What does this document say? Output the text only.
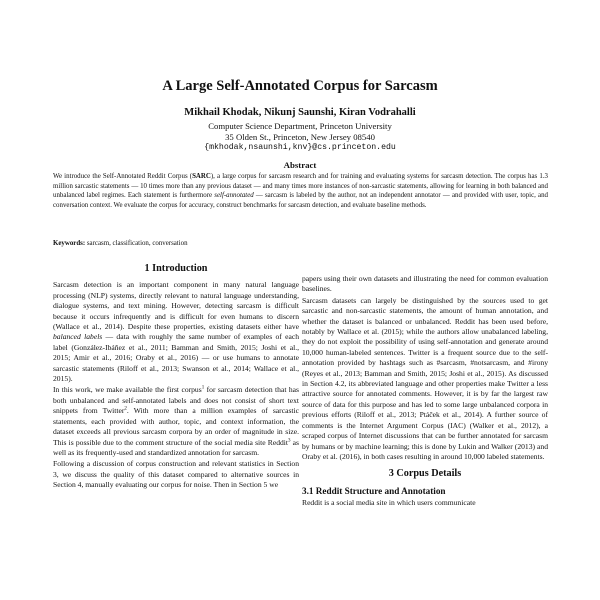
A Large Self-Annotated Corpus for Sarcasm
Mikhail Khodak, Nikunj Saunshi, Kiran Vodrahalli
Computer Science Department, Princeton University
35 Olden St., Princeton, New Jersey 08540
{mkhodak,nsaunshi,knv}@cs.princeton.edu
Abstract
We introduce the Self-Annotated Reddit Corpus (SARC), a large corpus for sarcasm research and for training and evaluating systems for sarcasm detection. The corpus has 1.3 million sarcastic statements — 10 times more than any previous dataset — and many times more instances of non-sarcastic statements, allowing for learning in both balanced and unbalanced label regimes. Each statement is furthermore self-annotated — sarcasm is labeled by the author, not an independent annotator — and provided with user, topic, and conversation context. We evaluate the corpus for accuracy, construct benchmarks for sarcasm detection, and evaluate baseline methods.
Keywords: sarcasm, classification, conversation
1 Introduction

Sarcasm detection is an important component in many natural language processing (NLP) systems, directly relevant to natural language understanding, dialogue systems, and text mining. However, detecting sarcasm is difficult because it occurs infrequently and is difficult for even humans to discern (Wallace et al., 2014). Despite these properties, existing datasets either have balanced labels — data with roughly the same number of examples of each label (González-Ibáñez et al., 2011; Bamman and Smith, 2015; Joshi et al., 2015; Amir et al., 2016; Oraby et al., 2016) — or use humans to annotate sarcastic statements (Riloff et al., 2013; Swanson et al., 2014; Wallace et al., 2015).

In this work, we make available the first corpus$^1$ for sarcasm detection that has both unbalanced and self-annotated labels and does not consist of short text snippets from Twitter$^2$. With more than a million examples of sarcastic statements, each provided with author, topic, and context information, the dataset exceeds all previous sarcasm corpora by an order of magnitude in size. This is possible due to the comment structure of the social media site Reddit$^3$ as well as its frequently-used and standardized annotation for sarcasm.

Following a discussion of corpus construction and relevant statistics in Section 3, we discuss the quality of this dataset compared to alternative sources in Section 4, manually evaluating our corpus for noise. Then in Section 5 we

papers using their own datasets and illustrating the need for common evaluation baselines.

Sarcasm datasets can largely be distinguished by the sources used to get sarcastic and non-sarcastic statements, the amount of human annotation, and whether the dataset is balanced or unbalanced. Reddit has been used before, notably by Wallace et al. (2015); while the authors allow unabalanced labeling, they do not exploit the possibility of using self-annotation and generate around 10,000 human-labeled sentences. Twitter is a frequent source due to the self-annotation provided by hashtags such as #sarcasm, #notsarcasm, and #irony (Reyes et al., 2013; Bamman and Smith, 2015; Joshi et al., 2015). As discussed in Section 4.2, its abbreviated language and other properties make Twitter a less attractive source for annotated comments. However, it is by far the largest raw source of data for this purpose and has led to some large unbalanced corpora in previous efforts (Riloff et al., 2013; Ptáček et al., 2014). A further source of comments is the Internet Argument Corpus (IAC) (Walker et al., 2012), a scraped corpus of Internet discussions that can be further annotated for sarcasm by humans or by machine learning; this is done by Lukin and Walker (2013) and Oraby et al. (2016), in both cases resulting in around 10,000 labeled statements.

3 Corpus Details
3.1 Reddit Structure and Annotation

Reddit is a social media site in which users communicate
